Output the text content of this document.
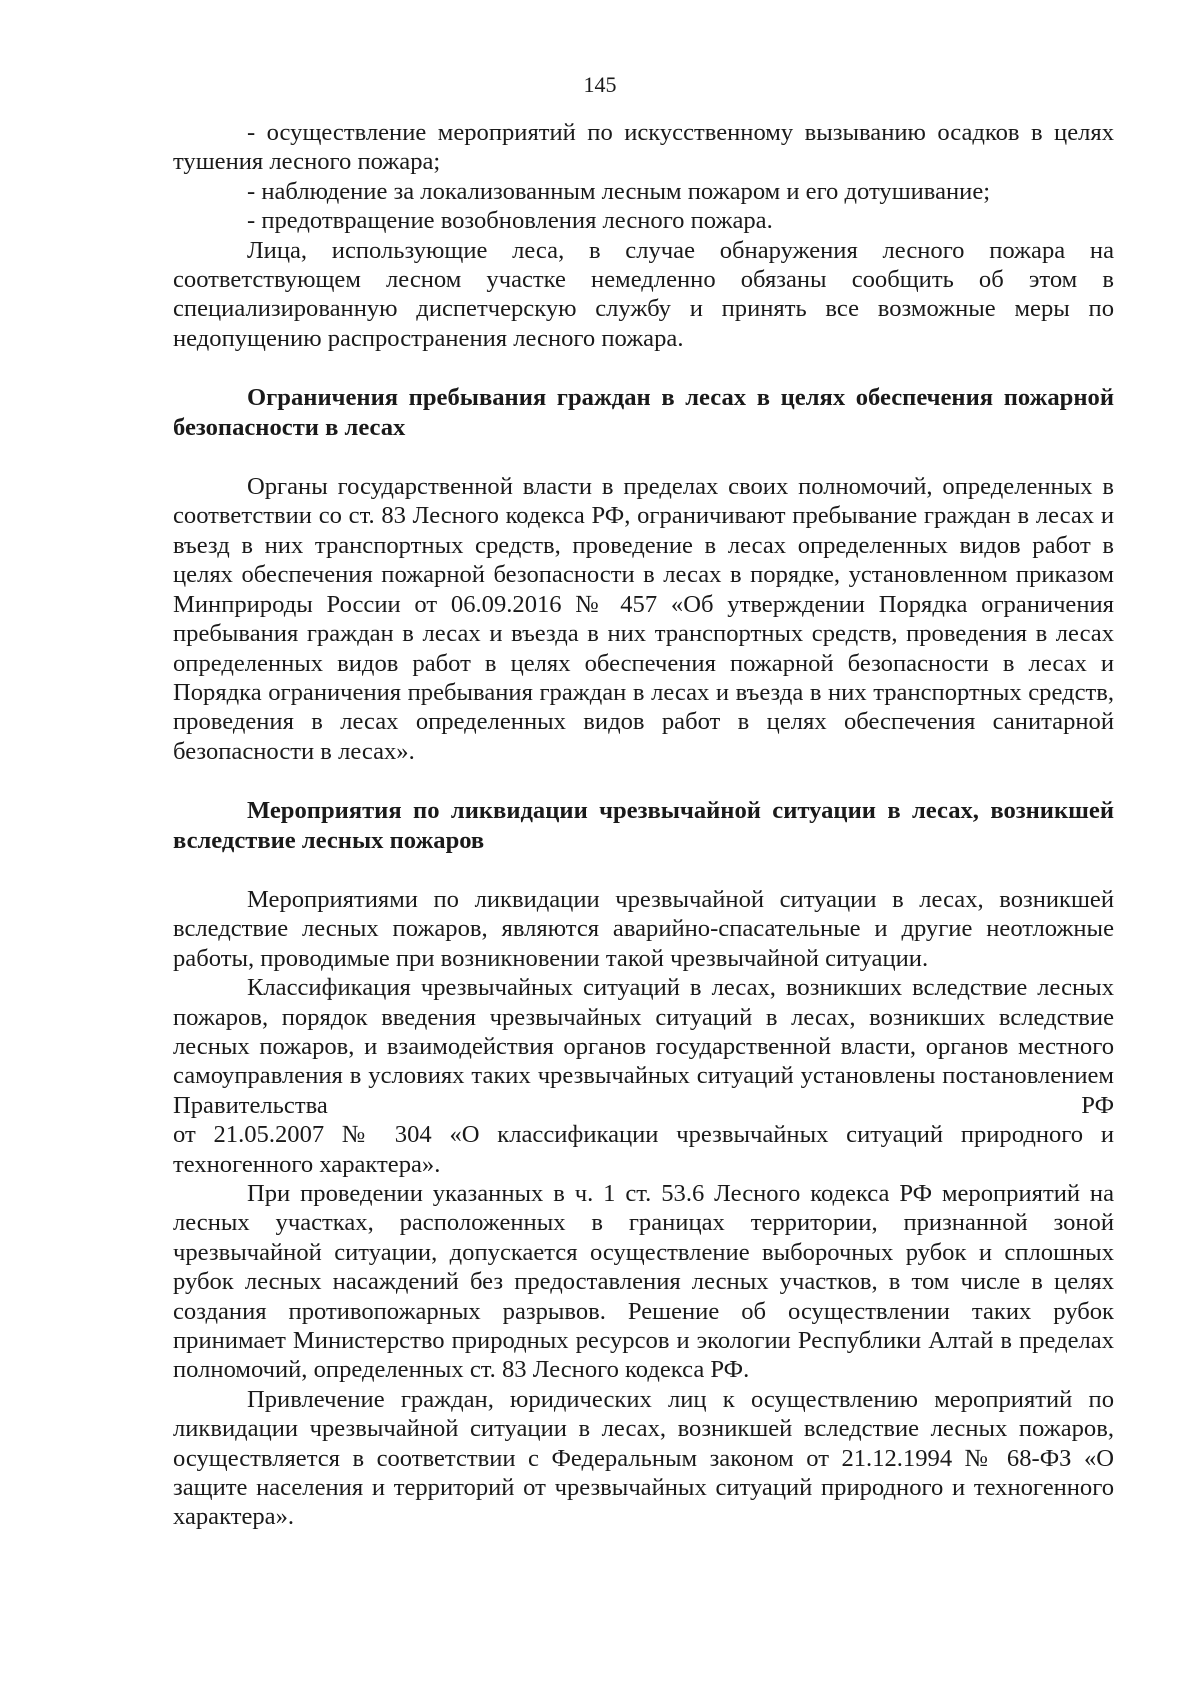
145

- осуществление мероприятий по искусственному вызыванию осадков в целях тушения лесного пожара;

- наблюдение за локализованным лесным пожаром и его дотушивание;

- предотвращение возобновления лесного пожара.

Лица, использующие леса, в случае обнаружения лесного пожара на соответствующем лесном участке немедленно обязаны сообщить об этом в специализированную диспетчерскую службу и принять все возможные меры по недопущению распространения лесного пожара.

Ограничения пребывания граждан в лесах в целях обеспечения пожарной безопасности в лесах

Органы государственной власти в пределах своих полномочий, определенных в соответствии со ст. 83 Лесного кодекса РФ, ограничивают пребывание граждан в лесах и въезд в них транспортных средств, проведение в лесах определенных видов работ в целях обеспечения пожарной безопасности в лесах в порядке, установленном приказом Минприроды России от 06.09.2016 № 457 «Об утверждении Порядка ограничения пребывания граждан в лесах и въезда в них транспортных средств, проведения в лесах определенных видов работ в целях обеспечения пожарной безопасности в лесах и Порядка ограничения пребывания граждан в лесах и въезда в них транспортных средств, проведения в лесах определенных видов работ в целях обеспечения санитарной безопасности в лесах».

Мероприятия по ликвидации чрезвычайной ситуации в лесах, возникшей вследствие лесных пожаров

Мероприятиями по ликвидации чрезвычайной ситуации в лесах, возникшей вследствие лесных пожаров, являются аварийно-спасательные и другие неотложные работы, проводимые при возникновении такой чрезвычайной ситуации.

Классификация чрезвычайных ситуаций в лесах, возникших вследствие лесных пожаров, порядок введения чрезвычайных ситуаций в лесах, возникших вследствие лесных пожаров, и взаимодействия органов государственной власти, органов местного самоуправления в условиях таких чрезвычайных ситуаций установлены постановлением Правительства РФ

от 21.05.2007 № 304 «О классификации чрезвычайных ситуаций природного и техногенного характера».

При проведении указанных в ч. 1 ст. 53.6 Лесного кодекса РФ мероприятий на лесных участках, расположенных в границах территории, признанной зоной чрезвычайной ситуации, допускается осуществление выборочных рубок и сплошных рубок лесных насаждений без предоставления лесных участков, в том числе в целях создания противопожарных разрывов. Решение об осуществлении таких рубок принимает Министерство природных ресурсов и экологии Республики Алтай в пределах полномочий, определенных ст. 83 Лесного кодекса РФ.

Привлечение граждан, юридических лиц к осуществлению мероприятий по ликвидации чрезвычайной ситуации в лесах, возникшей вследствие лесных пожаров, осуществляется в соответствии с Федеральным законом от 21.12.1994 № 68-ФЗ «О защите населения и территорий от чрезвычайных ситуаций природного и техногенного характера».
